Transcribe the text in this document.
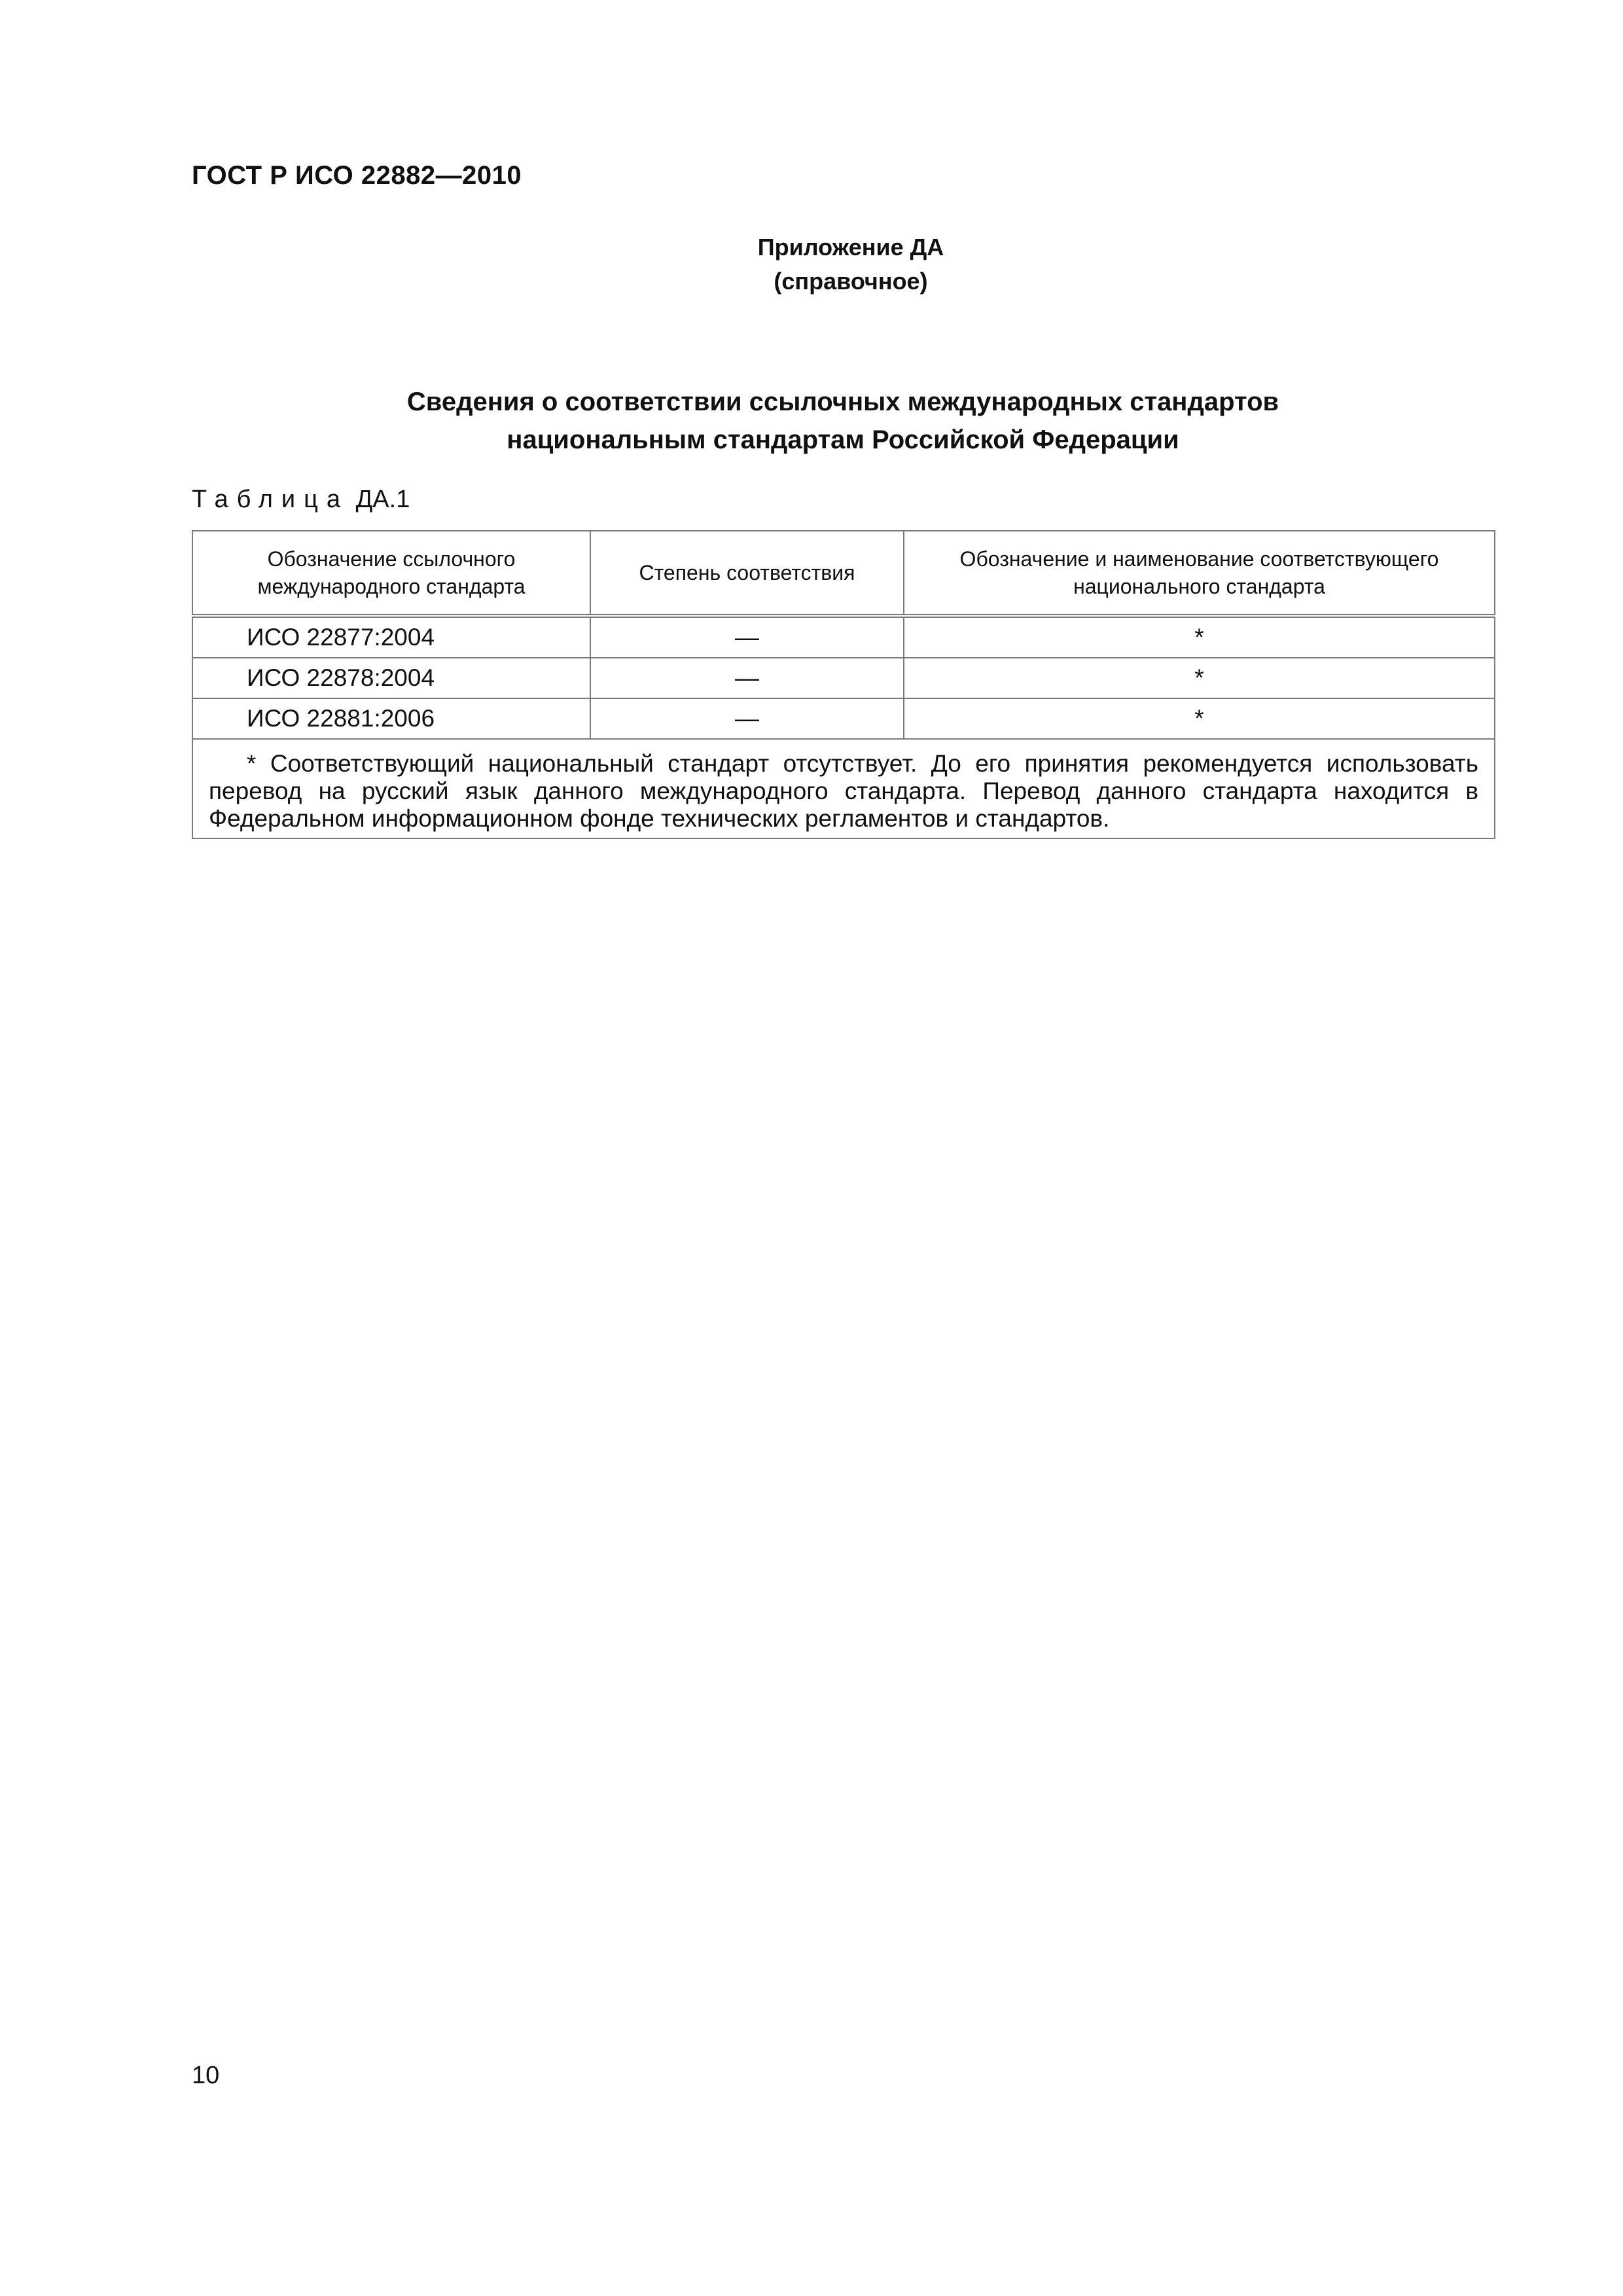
ГОСТ Р ИСО 22882—2010
Приложение ДА
(справочное)
Сведения о соответствии ссылочных международных стандартов
национальным стандартам Российской Федерации
Таблица ДА.1
Обозначение ссылочного международного стандарта	Степень соответствия	Обозначение и наименование соответствующего национального стандарта
ИСО 22877:2004	—	*
ИСО 22878:2004	—	*
ИСО 22881:2006	—	*
* Соответствующий национальный стандарт отсутствует. До его принятия рекомендуется использовать перевод на русский язык данного международного стандарта. Перевод данного стандарта находится в Федеральном информационном фонде технических регламентов и стандартов.		
10
